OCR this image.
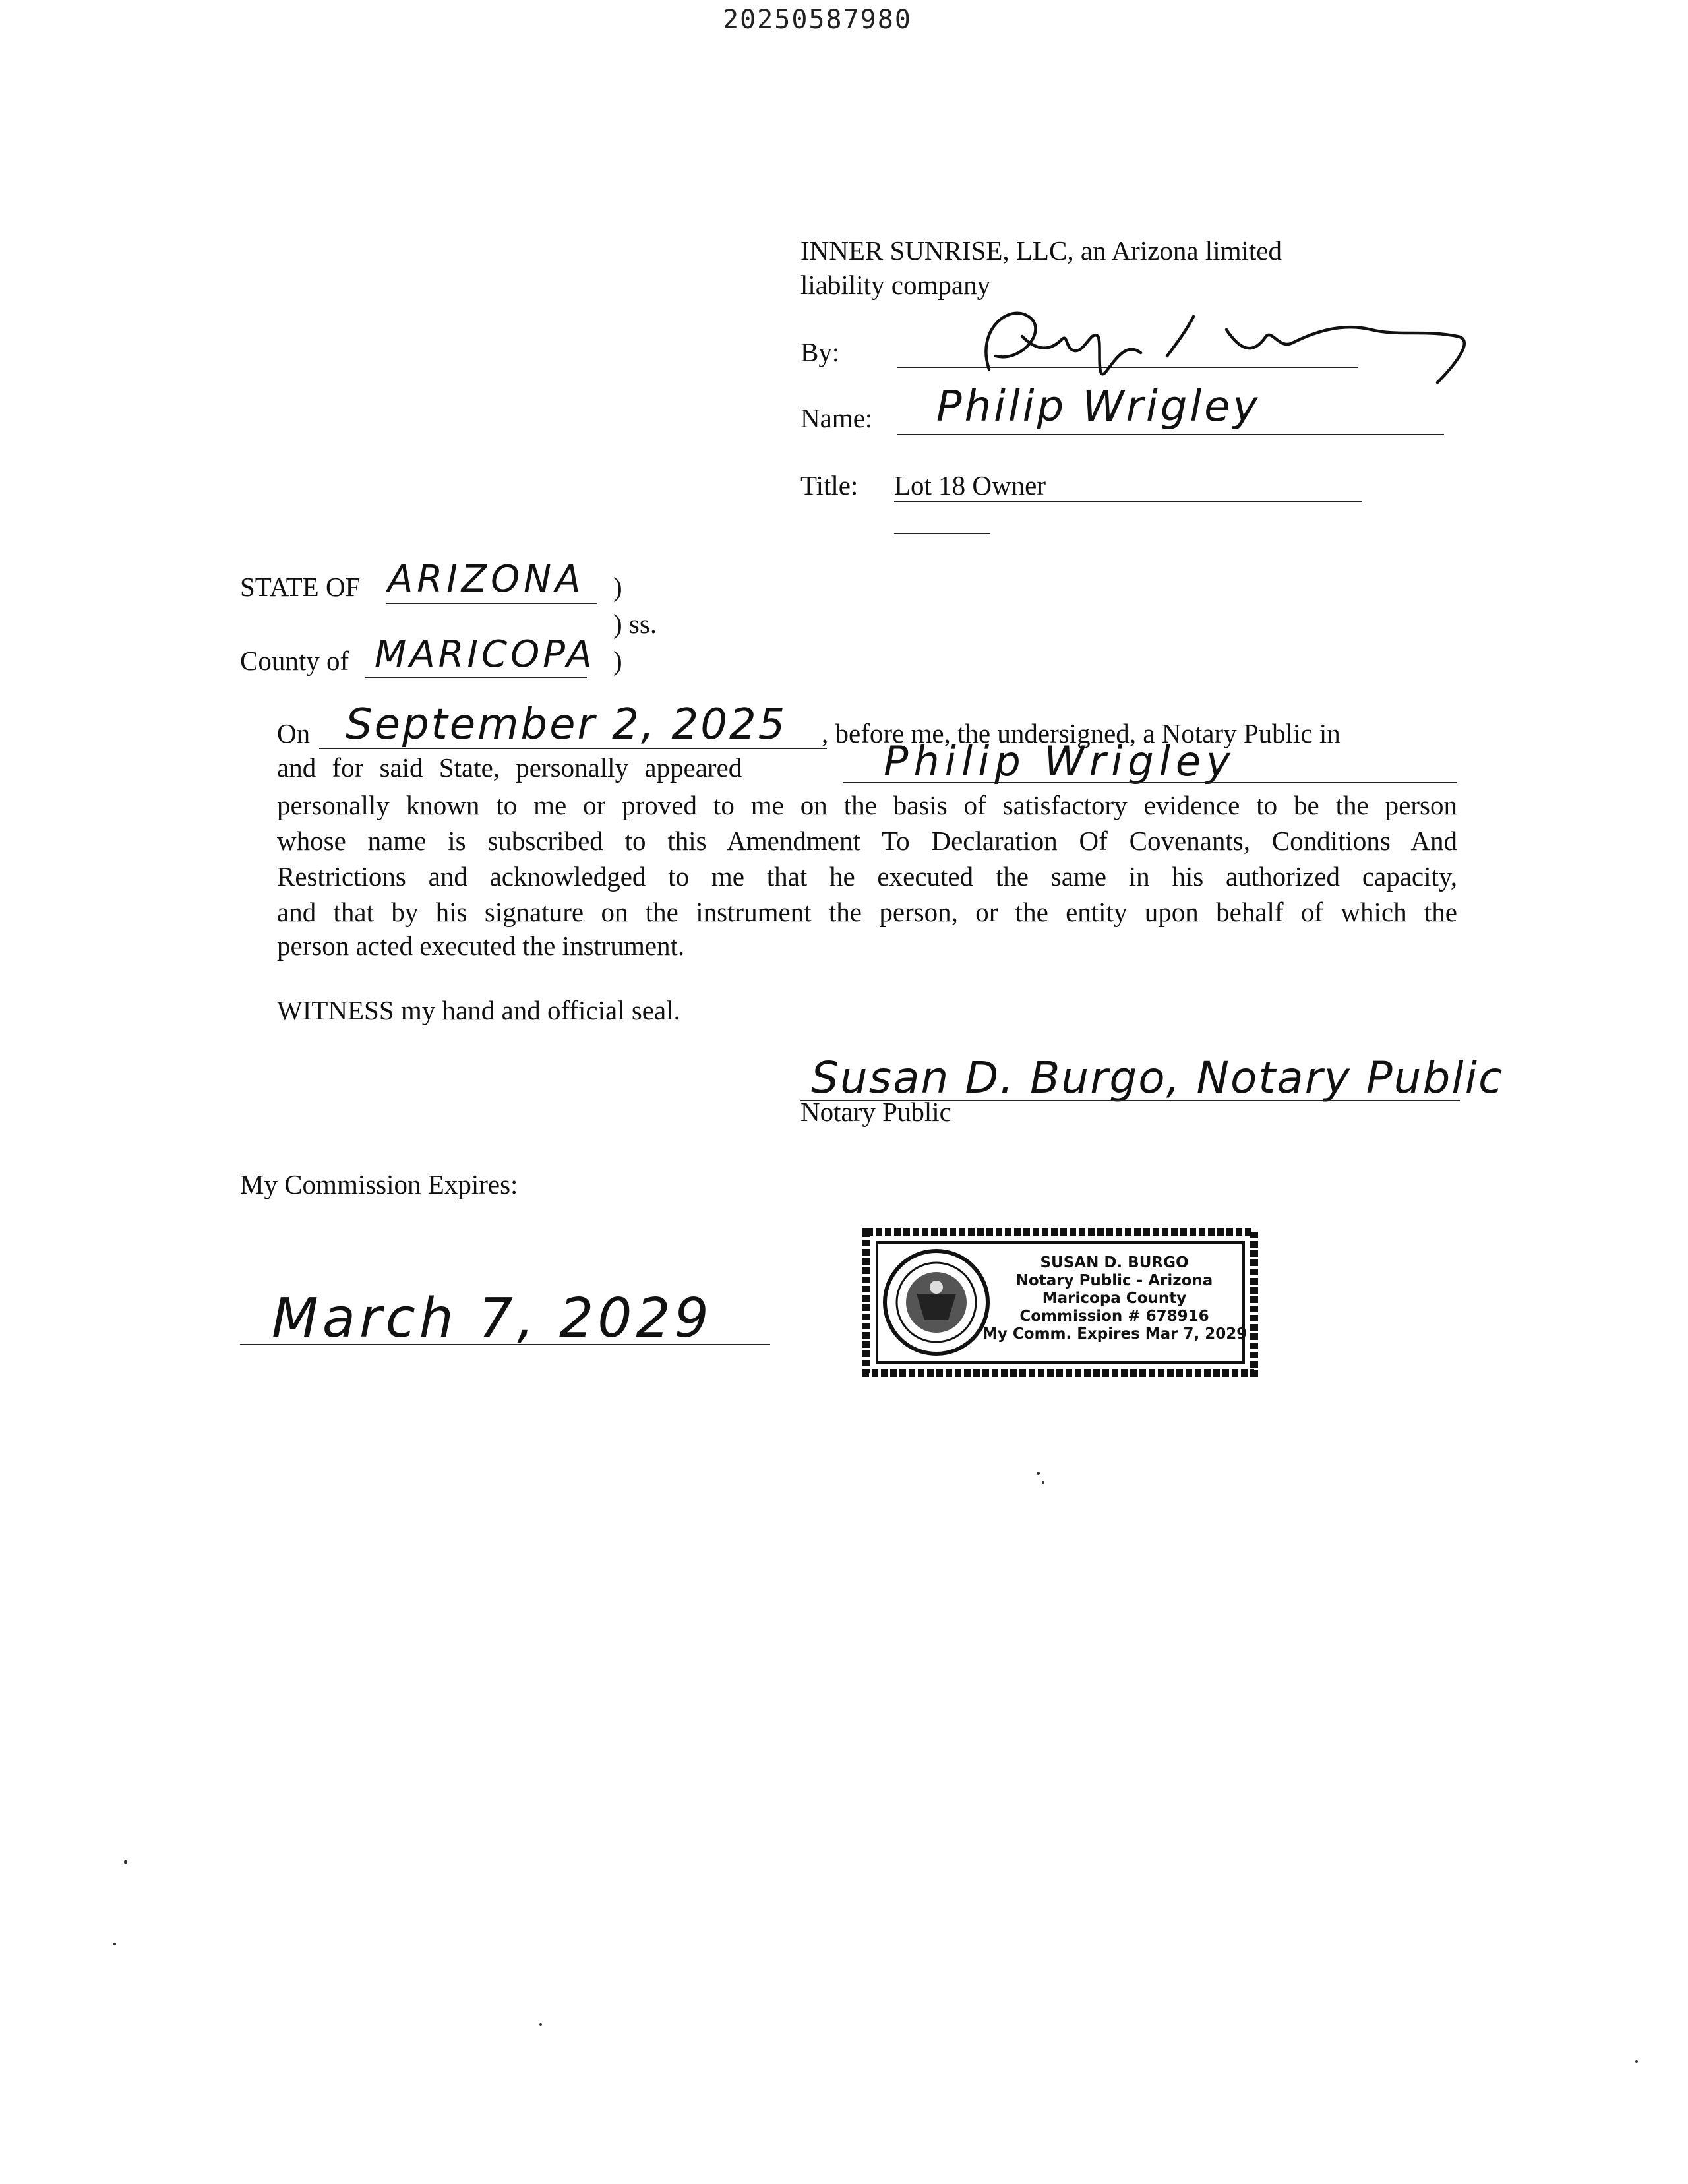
20250587980
INNER SUNRISE, LLC, an Arizona limited
liability company
By:
Name: Philip Wrigley
Title: Lot 18 Owner
STATE OF ARIZONA )
) ss.
County of MARICOPA )
On September 2, 2025 , before me, the undersigned, a Notary Public in
and for said State, personally appeared	Philip Wrigley
personally known to me or proved to me on the basis of satisfactory evidence to be the person
whose name is subscribed to this Amendment To Declaration Of Covenants, Conditions And
Restrictions and acknowledged to me that he executed the same in his authorized capacity,
and that by his signature on the instrument the person, or the entity upon behalf of which the
person acted executed the instrument.
WITNESS my hand and official seal.
Susan D. Burgo, Notary Public
Notary Public
My Commission Expires:
March 7, 2029
SUSAN D. BURGO
Notary Public - Arizona
Maricopa County
Commission # 678916
My Comm. Expires Mar 7, 2029
